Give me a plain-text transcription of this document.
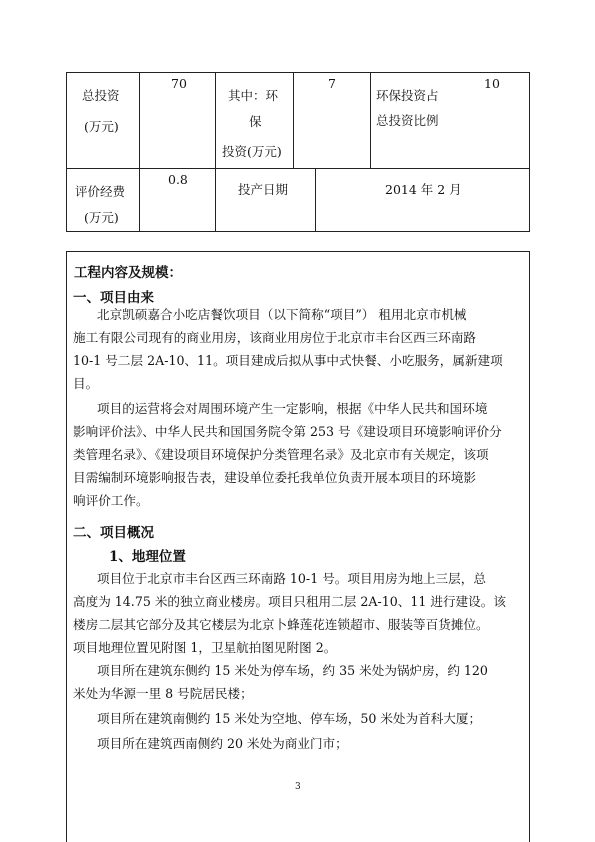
总投资
(万元)
70
其中：环
保
投资(万元)
7
环保投资占
总投资比例
10
评价经费
(万元)
0.8
投产日期	2014 年 2 月
工程内容及规模：
一、项目由来
北京凯硕嘉合小吃店餐饮项目（以下简称“项目”） 租用北京市机械
施工有限公司现有的商业用房，该商业用房位于北京市丰台区西三环南路
10-1 号二层 2A-10、11。项目建成后拟从事中式快餐、小吃服务，属新建项
目。
项目的运营将会对周围环境产生一定影响，根据《中华人民共和国环境
影响评价法》、中华人民共和国国务院令第 253 号《建设项目环境影响评价分
类管理名录》、《建设项目环境保护分类管理名录》及北京市有关规定，该项
目需编制环境影响报告表，建设单位委托我单位负责开展本项目的环境影
响评价工作。
二、项目概况
1、地理位置
项目位于北京市丰台区西三环南路 10-1 号。项目用房为地上三层，总
高度为 14.75 米的独立商业楼房。项目只租用二层 2A-10、11 进行建设。该
楼房二层其它部分及其它楼层为北京卜蜂莲花连锁超市、服装等百货摊位。
项目地理位置见附图 1，卫星航拍图见附图 2。
项目所在建筑东侧约 15 米处为停车场，约 35 米处为锅炉房，约 120
米处为华源一里 8 号院居民楼；
项目所在建筑南侧约 15 米处为空地、停车场，50 米处为首科大厦；
项目所在建筑西南侧约 20 米处为商业门市；
3
